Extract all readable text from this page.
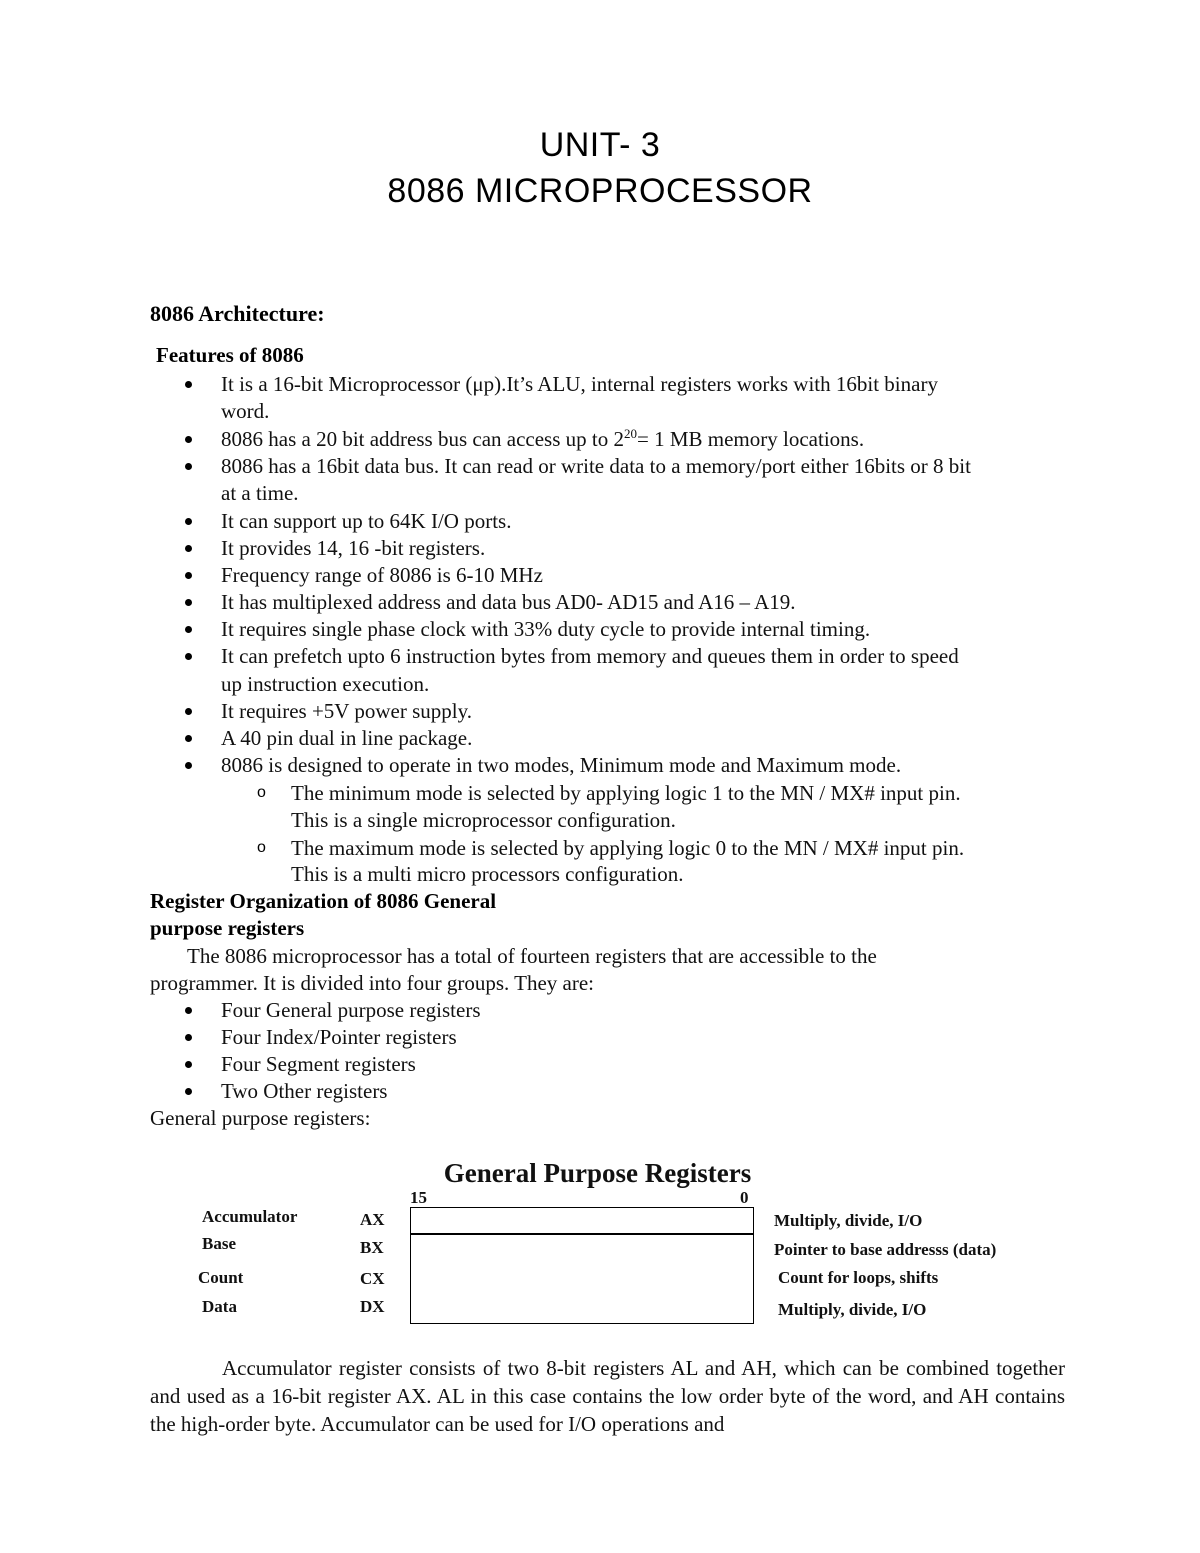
UNIT- 3
8086 MICROPROCESSOR
8086 Architecture:
Features of 8086
It is a 16-bit Microprocessor (μp).It’s ALU, internal registers works with 16bit binary
word.
8086 has a 20 bit address bus can access up to $2^{20}= 1$ MB memory locations.
8086 has a 16bit data bus. It can read or write data to a memory/port either 16bits or 8 bit
at a time.
It can support up to 64K I/O ports.
It provides 14, 16 -bit registers.
Frequency range of 8086 is 6-10 MHz
It has multiplexed address and data bus AD0- AD15 and A16 – A19.
It requires single phase clock with 33% duty cycle to provide internal timing.
It can prefetch upto 6 instruction bytes from memory and queues them in order to speed
up instruction execution.
It requires +5V power supply.
A 40 pin dual in line package.
8086 is designed to operate in two modes, Minimum mode and Maximum mode.
o The minimum mode is selected by applying logic 1 to the MN / MX# input pin.
This is a single microprocessor configuration.
o The maximum mode is selected by applying logic 0 to the MN / MX# input pin.
This is a multi micro processors configuration.
Register Organization of 8086 General
purpose registers
The 8086 microprocessor has a total of fourteen registers that are accessible to the
programmer. It is divided into four groups. They are:
Four General purpose registers
Four Index/Pointer registers
Four Segment registers
Two Other registers
General purpose registers:
General Purpose Registers
15	0
Accumulator	AX	Multiply, divide, I/O
Base	BX	Pointer to base addresss (data)
Count	CX	Count for loops, shifts
Data	DX	Multiply, divide, I/O

Accumulator register consists of two 8-bit registers AL and AH, which can be combined together and used as a 16-bit register AX. AL in this case contains the low order byte of the word, and AH contains the high-order byte. Accumulator can be used for I/O operations and
